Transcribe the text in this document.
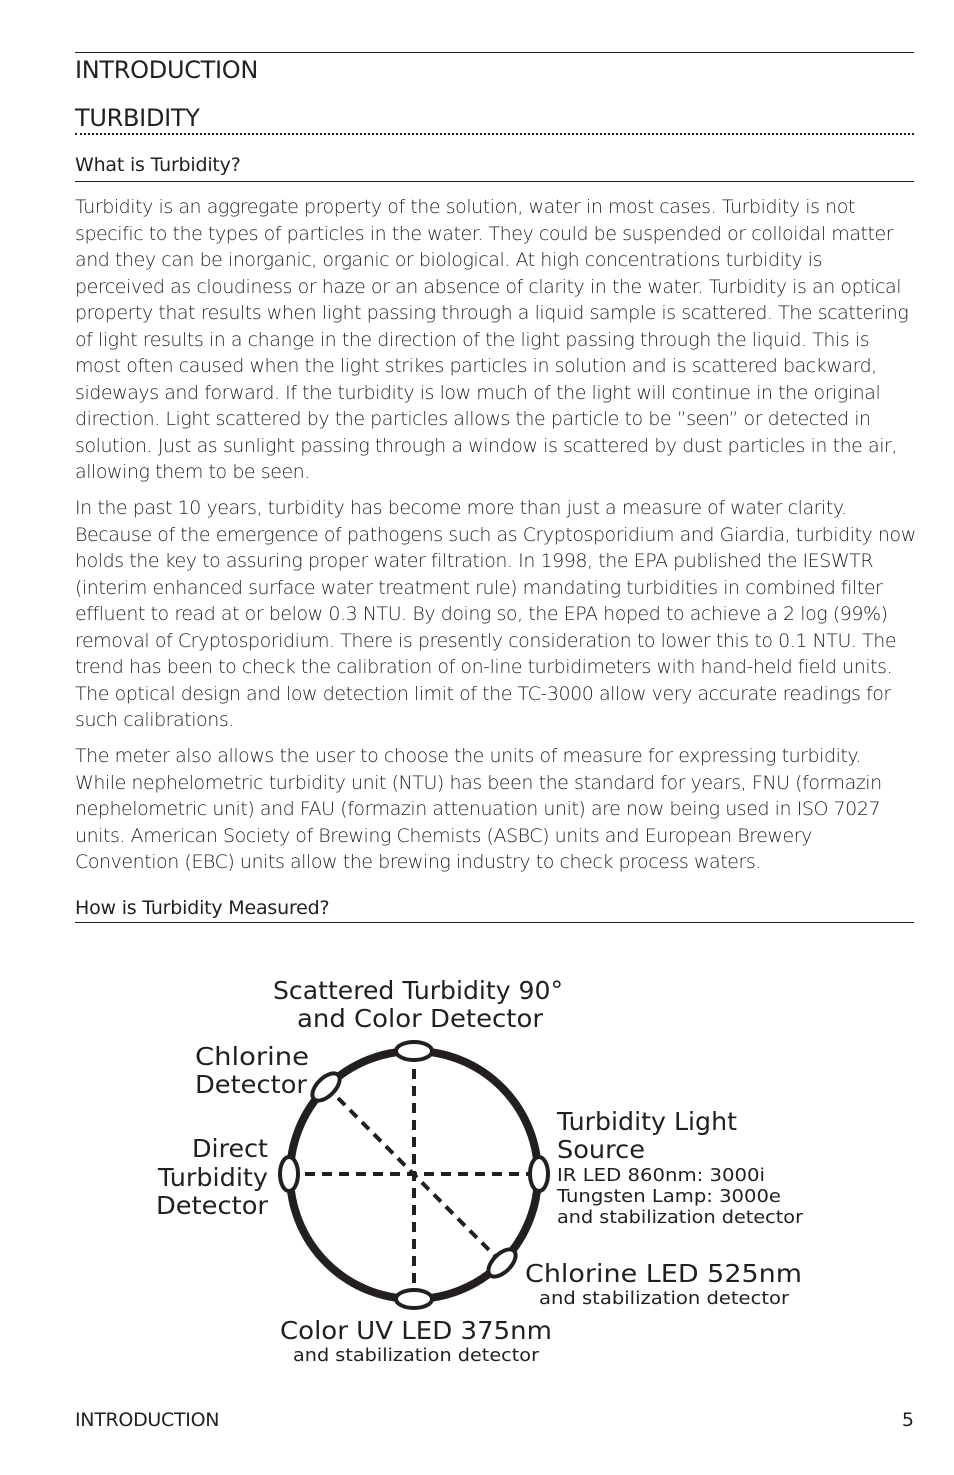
INTRODUCTION
TURBIDITY
What is Turbidity?

Turbidity is an aggregate property of the solution, water in most cases. Turbidity is not specific to the types of particles in the water. They could be suspended or colloidal matter and they can be inorganic, organic or biological. At high concentrations turbidity is perceived as cloudiness or haze or an absence of clarity in the water. Turbidity is an optical property that results when light passing through a liquid sample is scattered. The scattering of light results in a change in the direction of the light passing through the liquid. This is most often caused when the light strikes particles in solution and is scattered backward, sideways and forward. If the turbidity is low much of the light will continue in the original direction. Light scattered by the particles allows the particle to be ”seen” or detected in solution. Just as sunlight passing through a window is scattered by dust particles in the air, allowing them to be seen.

In the past 10 years, turbidity has become more than just a measure of water clarity. Because of the emergence of pathogens such as Cryptosporidium and Giardia, turbidity now holds the key to assuring proper water filtration. In 1998, the EPA published the IESWTR (interim enhanced surface water treatment rule) mandating turbidities in combined filter effluent to read at or below 0.3 NTU. By doing so, the EPA hoped to achieve a 2 log (99%) removal of Cryptosporidium. There is presently consideration to lower this to 0.1 NTU. The trend has been to check the calibration of on-line turbidimeters with hand-held field units. The optical design and low detection limit of the TC-3000 allow very accurate readings for such calibrations.

The meter also allows the user to choose the units of measure for expressing turbidity. While nephelometric turbidity unit (NTU) has been the standard for years, FNU (formazin nephelometric unit) and FAU (formazin attenuation unit) are now being used in ISO 7027 units. American Society of Brewing Chemists (ASBC) units and European Brewery Convention (EBC) units allow the brewing industry to check process waters.

How is Turbidity Measured?
Scattered Turbidity 90°
and Color Detector
Chlorine
Detector
Direct
Turbidity
Detector
Turbidity Light
Source
IR LED 860nm: 3000i
Tungsten Lamp: 3000e
and stabilization detector
Chlorine LED 525nm
and stabilization detector
Color UV LED 375nm
and stabilization detector
INTRODUCTION	5
